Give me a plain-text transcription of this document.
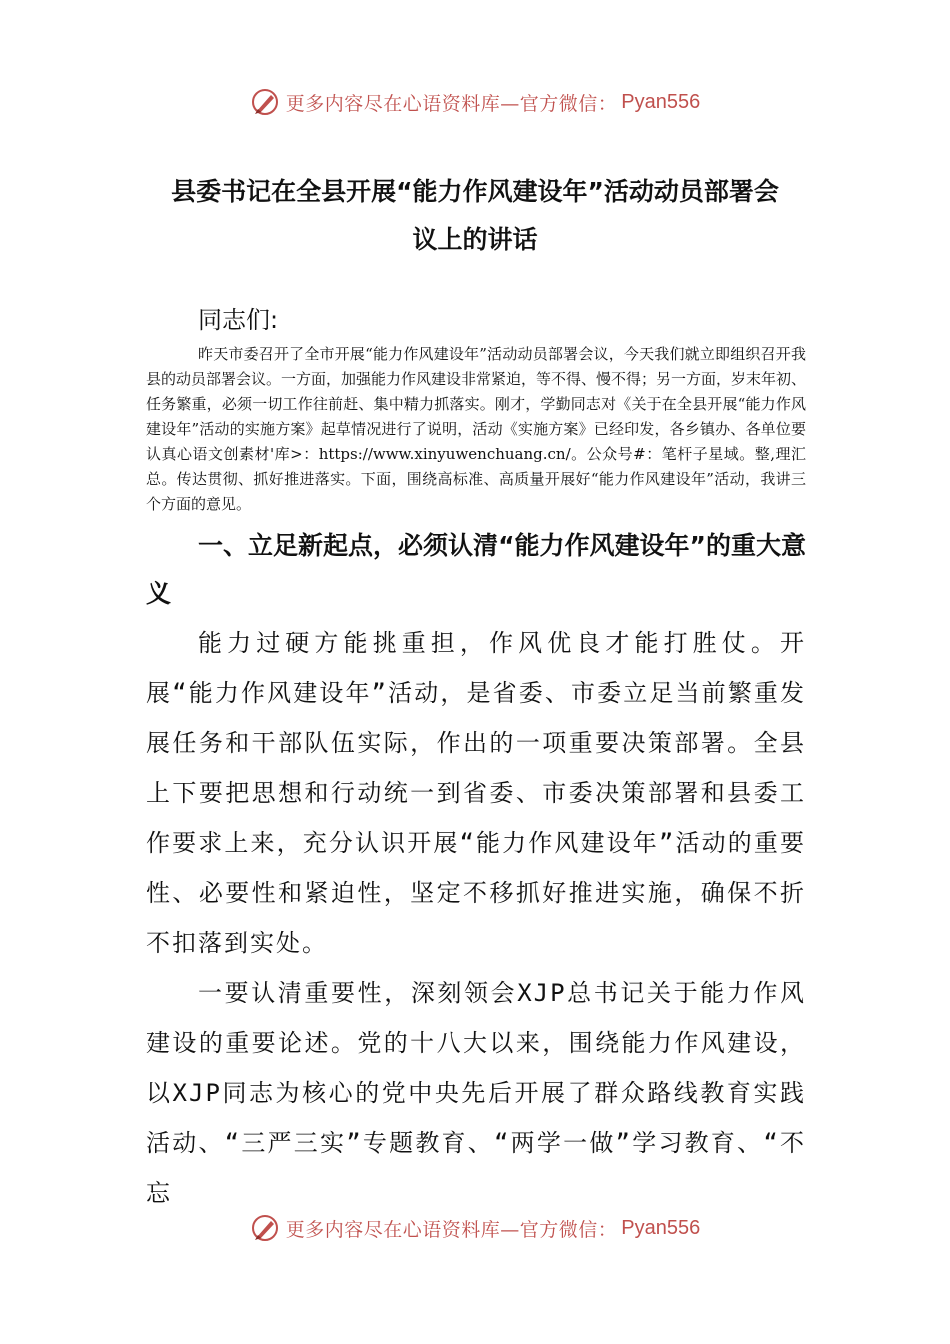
更多内容尽在心语资料库—官方微信： Pyan556
县委书记在全县开展“能力作风建设年”活动动员部署会
议上的讲话
同志们:

昨天市委召开了全市开展“能力作风建设年”活动动员部署会议，今天我们就立即组织召开我县的动员部署会议。一方面，加强能力作风建设非常紧迫，等不得、慢不得；另一方面，岁末年初、任务繁重，必须一切工作往前赶、集中精力抓落实。刚才，学勤同志对《关于在全县开展“能力作风建设年”活动的实施方案》起草情况进行了说明，活动《实施方案》已经印发，各乡镇办、各单位要认真心语文创素材'库>：https://www.xinyuwenchuang.cn/。公众号#：笔杆子星域。整,理汇总。传达贯彻、抓好推进落实。下面，围绕高标准、高质量开展好“能力作风建设年”活动，我讲三个方面的意见。

一、立足新起点，必须认清“能力作风建设年”的重大意义

能力过硬方能挑重担，作风优良才能打胜仗。开展“能力作风建设年”活动，是省委、市委立足当前繁重发展任务和干部队伍实际，作出的一项重要决策部署。全县上下要把思想和行动统一到省委、市委决策部署和县委工作要求上来，充分认识开展“能力作风建设年”活动的重要性、必要性和紧迫性，坚定不移抓好推进实施，确保不折不扣落到实处。

一要认清重要性，深刻领会XJP总书记关于能力作风建设的重要论述。党的十八大以来，围绕能力作风建设，以XJP同志为核心的党中央先后开展了群众路线教育实践活动、“三严三实”专题教育、“两学一做”学习教育、“不忘

更多内容尽在心语资料库—官方微信： Pyan556
